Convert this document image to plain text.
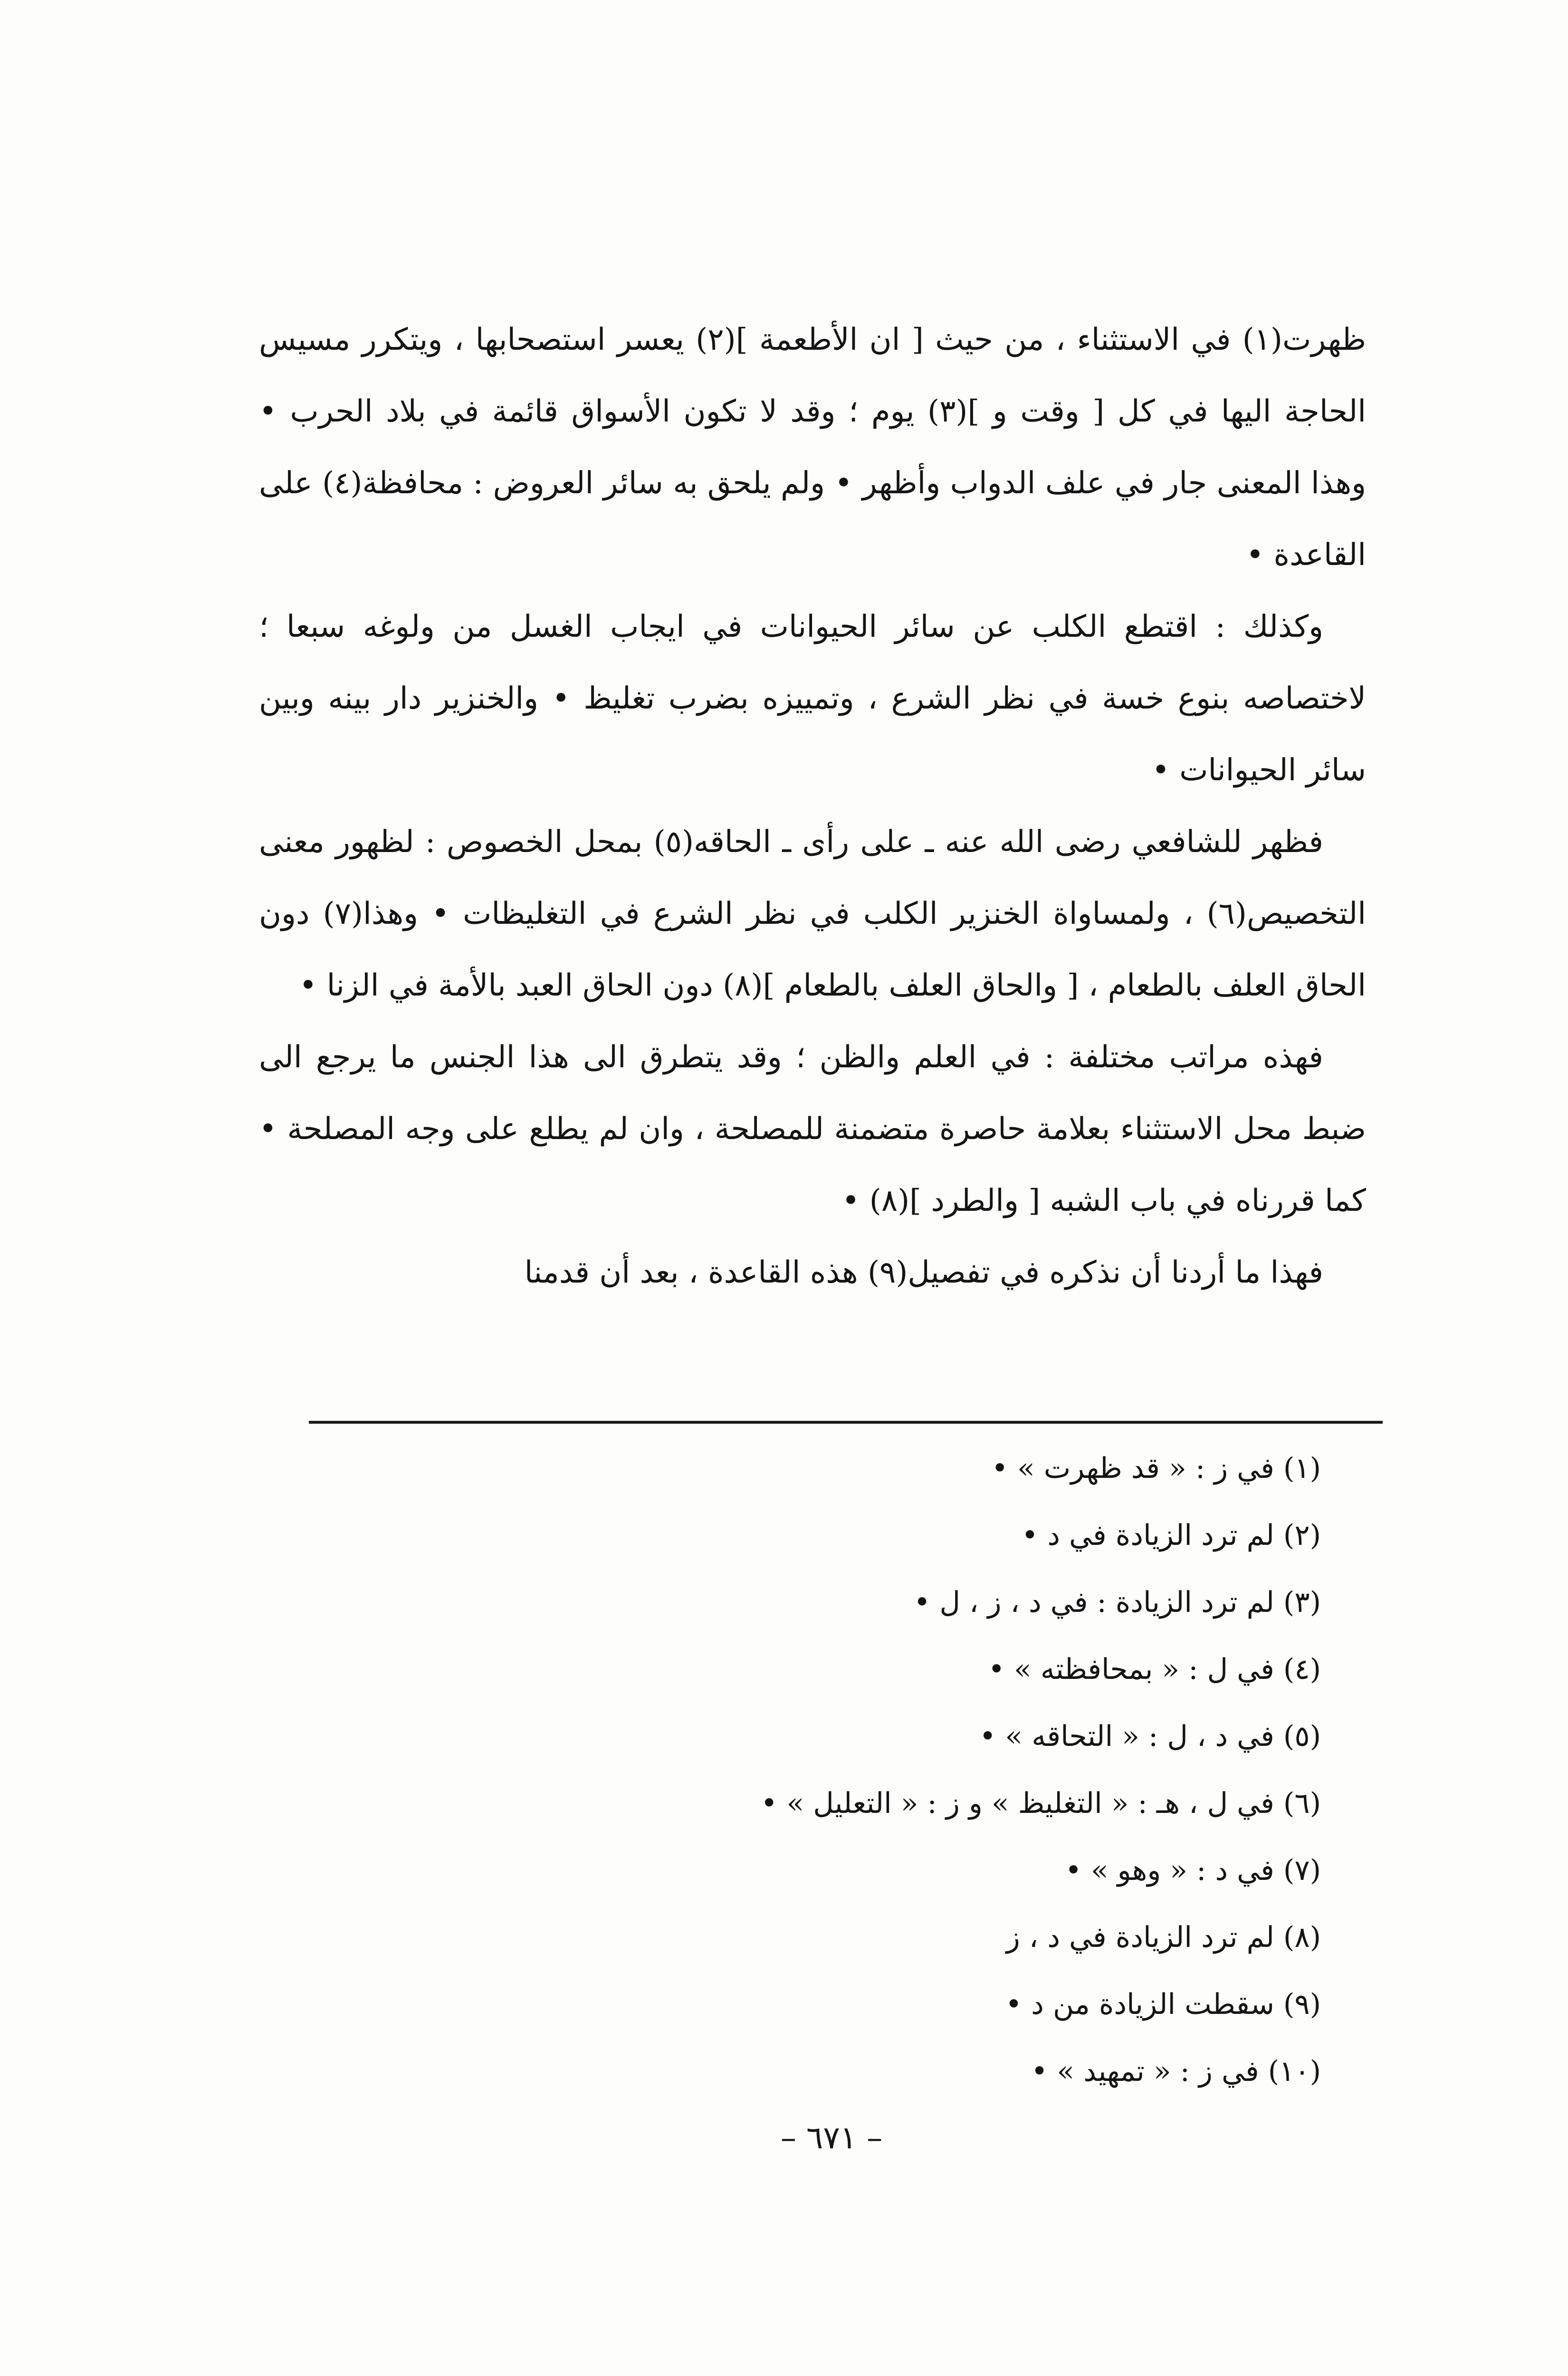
ظهرت(١) في الاستثناء ، من حيث [ ان الأطعمة ](٢) يعسر استصحابها ، ويتكرر مسيس الحاجة اليها في كل [ وقت و ](٣) يوم ؛ وقد لا تكون الأسواق قائمة في بلاد الحرب • وهذا المعنى جار في علف الدواب وأظهر • ولم يلحق به سائر العروض : محافظة(٤) على القاعدة •

وكذلك : اقتطع الكلب عن سائر الحيوانات في ايجاب الغسل من ولوغه سبعا ؛ لاختصاصه بنوع خسة في نظر الشرع ، وتمييزه بضرب تغليظ • والخنزير دار بينه وبين سائر الحيوانات •

فظهر للشافعي رضى الله عنه ـ على رأى ـ الحاقه(٥) بمحل الخصوص : لظهور معنى التخصيص(٦) ، ولمساواة الخنزير الكلب في نظر الشرع في التغليظات • وهذا(٧) دون الحاق العلف بالطعام ، [ والحاق العلف بالطعام ](٨) دون الحاق العبد بالأمة في الزنا •

فهذه مراتب مختلفة : في العلم والظن ؛ وقد يتطرق الى هذا الجنس ما يرجع الى ضبط محل الاستثناء بعلامة حاصرة متضمنة للمصلحة ، وان لم يطلع على وجه المصلحة • كما قررناه في باب الشبه [ والطرد ](٨) •

فهذا ما أردنا أن نذكره في تفصيل(٩) هذه القاعدة ، بعد أن قدمنا

(١) في ز : « قد ظهرت » •
(٢) لم ترد الزيادة في د •
(٣) لم ترد الزيادة : في د ، ز ، ل •
(٤) في ل : « بمحافظته » •
(٥) في د ، ل : « التحاقه » •
(٦) في ل ، هـ : « التغليظ » و ز : « التعليل » •
(٧) في د : « وهو » •
(٨) لم ترد الزيادة في د ، ز
(٩) سقطت الزيادة من د •
(١٠) في ز : « تمهيد » •
– ٦٧١ –
